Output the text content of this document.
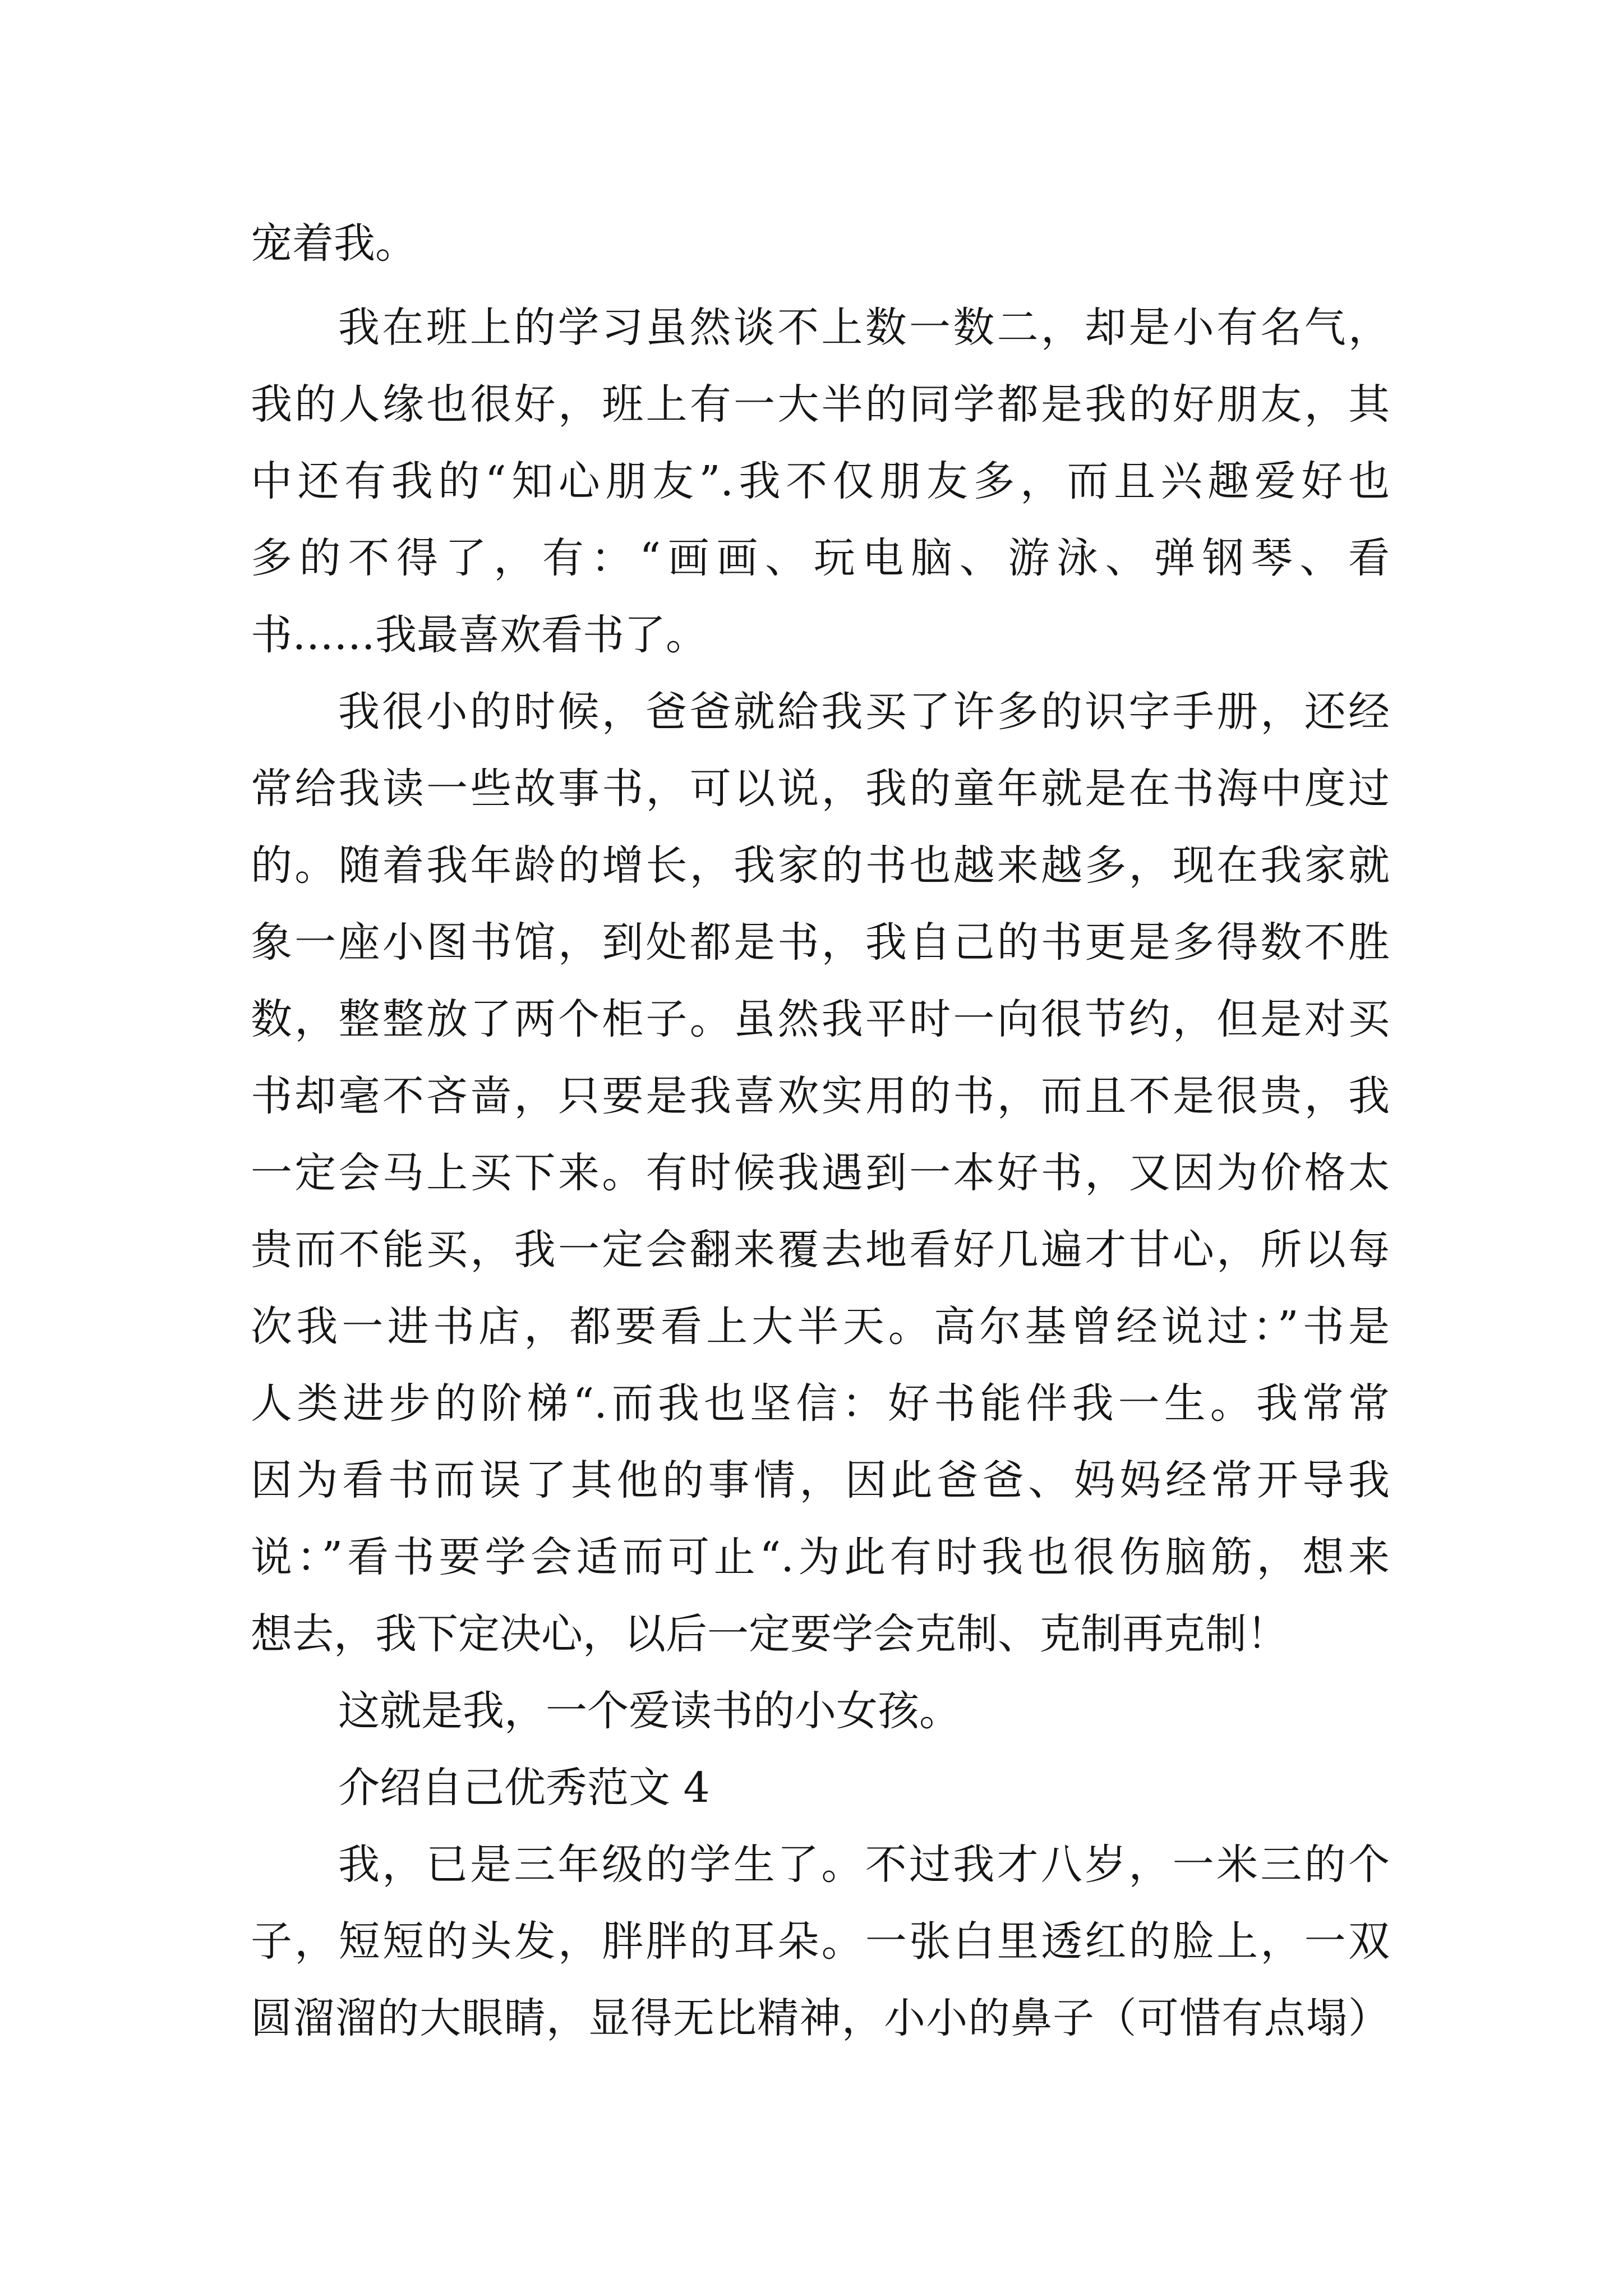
宠着我。
我在班上的学习虽然谈不上数一数二，却是小有名气，
我的人缘也很好，班上有一大半的同学都是我的好朋友，其
中还有我的“知心朋友”.我不仅朋友多，而且兴趣爱好也
多的不得了，有：“画画、玩电脑、游泳、弹钢琴、看
书……我最喜欢看书了。
我很小的时候，爸爸就給我买了许多的识字手册，还经
常给我读一些故事书，可以说，我的童年就是在书海中度过
的。随着我年龄的增长，我家的书也越来越多，现在我家就
象一座小图书馆，到处都是书，我自己的书更是多得数不胜
数，整整放了两个柜子。虽然我平时一向很节约，但是对买
书却毫不吝啬，只要是我喜欢实用的书，而且不是很贵，我
一定会马上买下来。有时候我遇到一本好书，又因为价格太
贵而不能买，我一定会翻来覆去地看好几遍才甘心，所以每
次我一进书店，都要看上大半天。高尔基曾经说过：”书是
人类进步的阶梯“.而我也坚信：好书能伴我一生。我常常
因为看书而误了其他的事情，因此爸爸、妈妈经常开导我
说：”看书要学会适而可止“.为此有时我也很伤脑筋，想来
想去，我下定决心，以后一定要学会克制、克制再克制！
这就是我，一个爱读书的小女孩。
介绍自己优秀范文 4
我，已是三年级的学生了。不过我才八岁，一米三的个
子，短短的头发，胖胖的耳朵。一张白里透红的脸上，一双
圆溜溜的大眼睛，显得无比精神，小小的鼻子（可惜有点塌）
